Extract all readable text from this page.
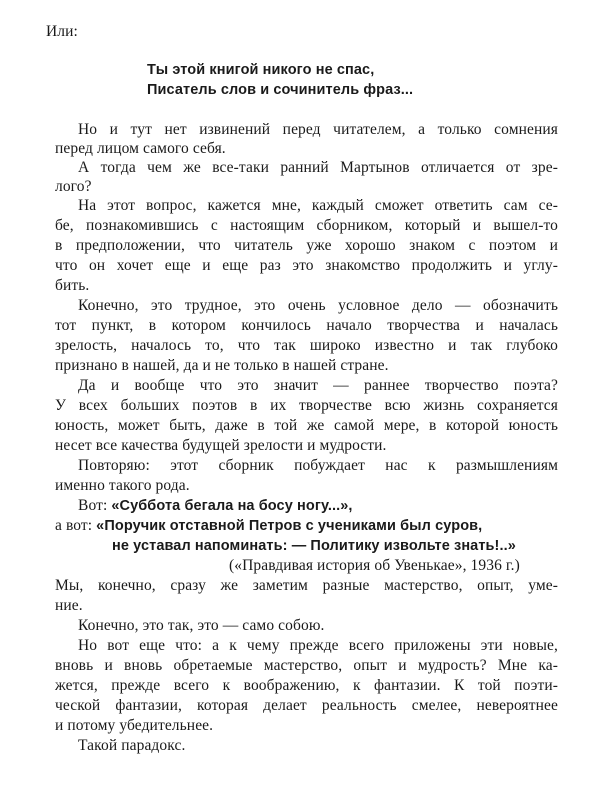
Или:
Ты этой книгой никого не спас,
Писатель слов и сочинитель фраз...
Но и тут нет извинений перед читателем, а только сомнения
перед лицом самого себя.
А тогда чем же все-таки ранний Мартынов отличается от зре-
лого?
На этот вопрос, кажется мне, каждый сможет ответить сам се-
бе, познакомившись с настоящим сборником, который и вышел-то
в предположении, что читатель уже хорошо знаком с поэтом и
что он хочет еще и еще раз это знакомство продолжить и углу-
бить.
Конечно, это трудное, это очень условное дело — обозначить
тот пункт, в котором кончилось начало творчества и началась
зрелость, началось то, что так широко известно и так глубоко
признано в нашей, да и не только в нашей стране.
Да и вообще что это значит — раннее творчество поэта?
У всех больших поэтов в их творчестве всю жизнь сохраняется
юность, может быть, даже в той же самой мере, в которой юность
несет все качества будущей зрелости и мудрости.
Повторяю: этот сборник побуждает нас к размышлениям
именно такого рода.
Вот: «Суббота бегала на босу ногу...»,
а вот: «Поручик отставной Петров с учениками был суров,
не уставал напоминать: — Политику извольте знать!..»
(«Правдивая история об Увенькае», 1936 г.)
Мы, конечно, сразу же заметим разные мастерство, опыт, уме-
ние.
Конечно, это так, это — само собою.
Но вот еще что: а к чему прежде всего приложены эти новые,
вновь и вновь обретаемые мастерство, опыт и мудрость? Мне ка-
жется, прежде всего к воображению, к фантазии. К той поэти-
ческой фантазии, которая делает реальность смелее, невероятнее
и потому убедительнее.
Такой парадокс.
